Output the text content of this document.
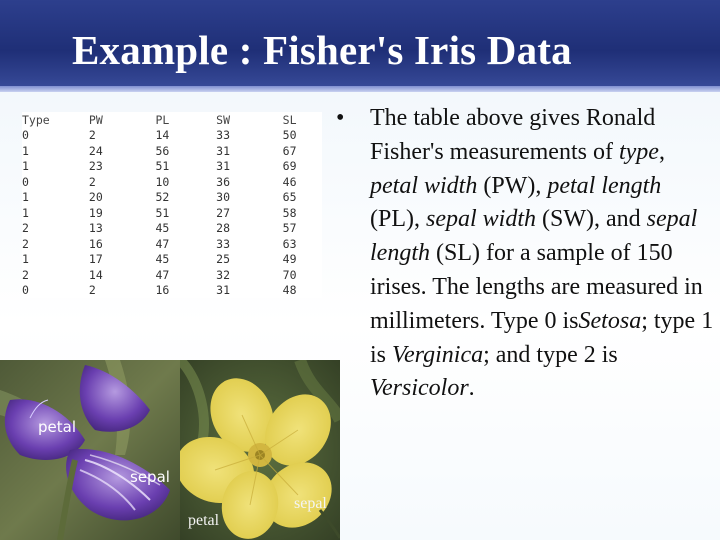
Example : Fisher's Iris Data
Type	PW	PL	SW	SL
0	2	14	33	50
1	24	56	31	67
1	23	51	31	69
0	2	10	36	46
1	20	52	30	65
1	19	51	27	58
2	13	45	28	57
2	16	47	33	63
1	17	45	25	49
2	14	47	32	70
0	2	16	31	48
petal
sepal
sepal
petal
• The table above gives Ronald Fisher's measurements of type, petal width (PW), petal length (PL), sepal width (SW), and sepal length (SL) for a sample of 150 irises. The lengths are measured in millimeters. Type 0 isSetosa; type 1 is Verginica; and type 2 is Versicolor.
